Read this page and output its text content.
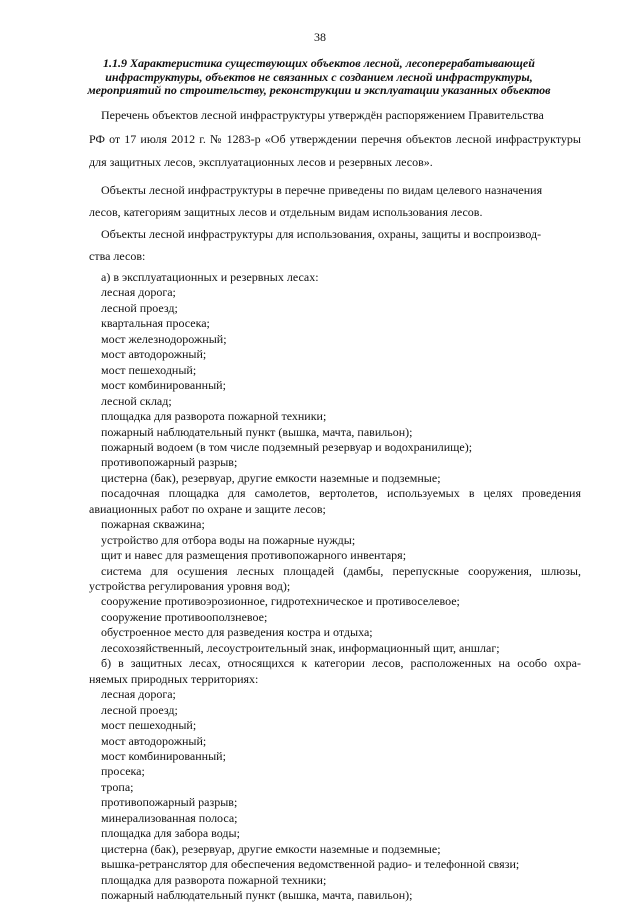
38
1.1.9 Характеристика существующих объектов лесной, лесоперерабатывающей
инфраструктуры, объектов не связанных с созданием лесной инфраструктуры,
мероприятий по строительству, реконструкции и эксплуатации указанных объектов
Перечень объектов лесной инфраструктуры утверждён распоряжением Правительства
РФ от 17 июля 2012 г. № 1283-р «Об утверждении перечня объектов лесной инфраструктуры
для защитных лесов, эксплуатационных лесов и резервных лесов».
Объекты лесной инфраструктуры в перечне приведены по видам целевого назначения
лесов, категориям защитных лесов и отдельным видам использования лесов.
Объекты лесной инфраструктуры для использования, охраны, защиты и воспроизвод-
ства лесов:
а) в эксплуатационных и резервных лесах:
лесная дорога;
лесной проезд;
квартальная просека;
мост железнодорожный;
мост автодорожный;
мост пешеходный;
мост комбинированный;
лесной склад;
площадка для разворота пожарной техники;
пожарный наблюдательный пункт (вышка, мачта, павильон);
пожарный водоем (в том числе подземный резервуар и водохранилище);
противопожарный разрыв;
цистерна (бак), резервуар, другие емкости наземные и подземные;
посадочная площадка для самолетов, вертолетов, используемых в целях проведения
авиационных работ по охране и защите лесов;
пожарная скважина;
устройство для отбора воды на пожарные нужды;
щит и навес для размещения противопожарного инвентаря;
система для осушения лесных площадей (дамбы, перепускные сооружения, шлюзы,
устройства регулирования уровня вод);
сооружение противоэрозионное, гидротехническое и противоселевое;
сооружение противооползневое;
обустроенное место для разведения костра и отдыха;
лесохозяйственный, лесоустроительный знак, информационный щит, аншлаг;
б) в защитных лесах, относящихся к категории лесов, расположенных на особо охра-
няемых природных территориях:
лесная дорога;
лесной проезд;
мост пешеходный;
мост автодорожный;
мост комбинированный;
просека;
тропа;
противопожарный разрыв;
минерализованная полоса;
площадка для забора воды;
цистерна (бак), резервуар, другие емкости наземные и подземные;
вышка-ретранслятор для обеспечения ведомственной радио- и телефонной связи;
площадка для разворота пожарной техники;
пожарный наблюдательный пункт (вышка, мачта, павильон);
